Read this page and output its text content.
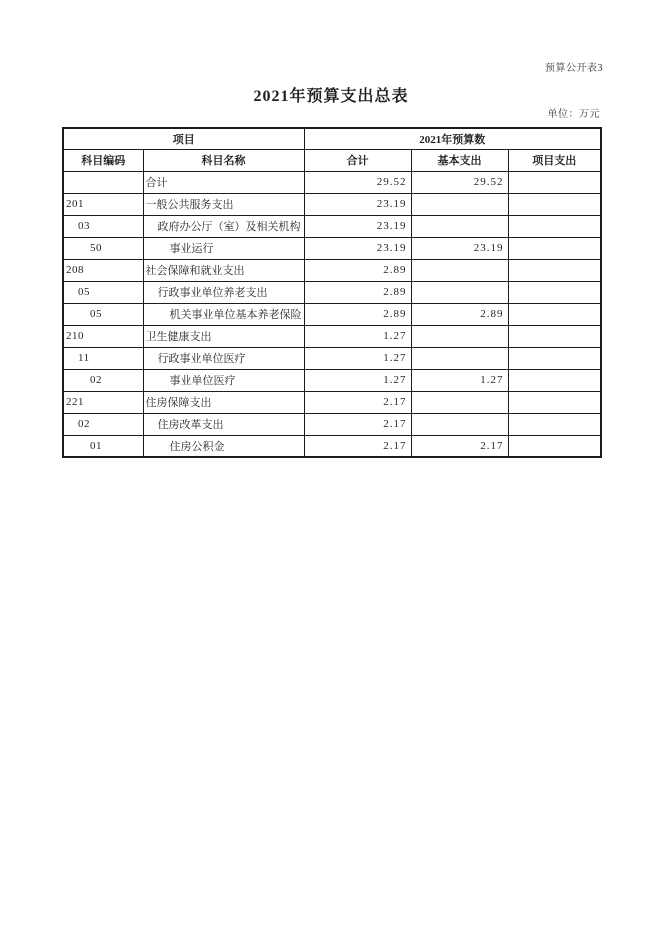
预算公开表3
2021年预算支出总表
单位：万元
项目		2021年预算数		
科目编码	科目名称	合计	基本支出	项目支出
	合计	29.52	29.52	
201	一般公共服务支出	23.19		
03	政府办公厅（室）及相关机构	23.19		
50	事业运行	23.19	23.19	
208	社会保障和就业支出	2.89		
05	行政事业单位养老支出	2.89		
05	机关事业单位基本养老保险	2.89	2.89	
210	卫生健康支出	1.27		
11	行政事业单位医疗	1.27		
02	事业单位医疗	1.27	1.27	
221	住房保障支出	2.17		
02	住房改革支出	2.17		
01	住房公积金	2.17	2.17	
